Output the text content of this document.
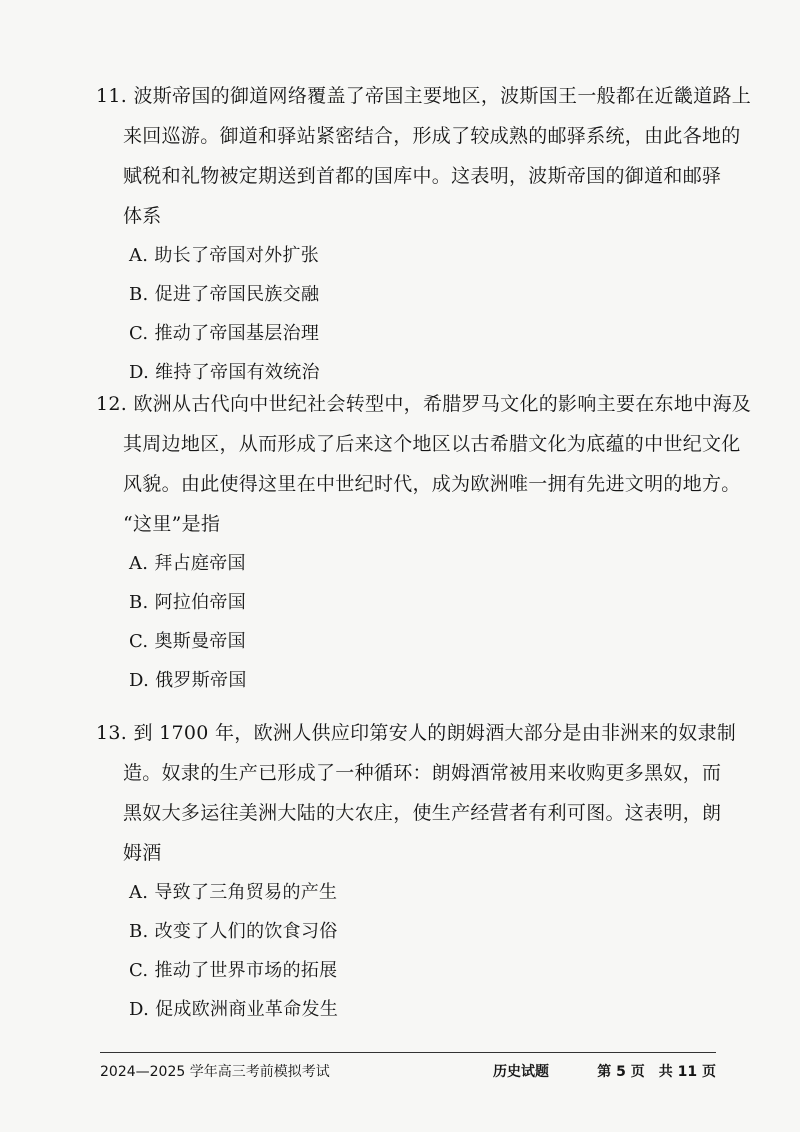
11. 波斯帝国的御道网络覆盖了帝国主要地区，波斯国王一般都在近畿道路上
来回巡游。御道和驿站紧密结合，形成了较成熟的邮驿系统，由此各地的
赋税和礼物被定期送到首都的国库中。这表明，波斯帝国的御道和邮驿
体系
A. 助长了帝国对外扩张
B. 促进了帝国民族交融
C. 推动了帝国基层治理
D. 维持了帝国有效统治
12. 欧洲从古代向中世纪社会转型中，希腊罗马文化的影响主要在东地中海及
其周边地区，从而形成了后来这个地区以古希腊文化为底蕴的中世纪文化
风貌。由此使得这里在中世纪时代，成为欧洲唯一拥有先进文明的地方。
“这里”是指
A. 拜占庭帝国
B. 阿拉伯帝国
C. 奥斯曼帝国
D. 俄罗斯帝国
13. 到 1700 年，欧洲人供应印第安人的朗姆酒大部分是由非洲来的奴隶制
造。奴隶的生产已形成了一种循环：朗姆酒常被用来收购更多黑奴，而
黑奴大多运往美洲大陆的大农庄，使生产经营者有利可图。这表明，朗
姆酒
A. 导致了三角贸易的产生
B. 改变了人们的饮食习俗
C. 推动了世界市场的拓展
D. 促成欧洲商业革命发生
2024—2025 学年高三考前模拟考试	历史试题	第 5 页　共 11 页
